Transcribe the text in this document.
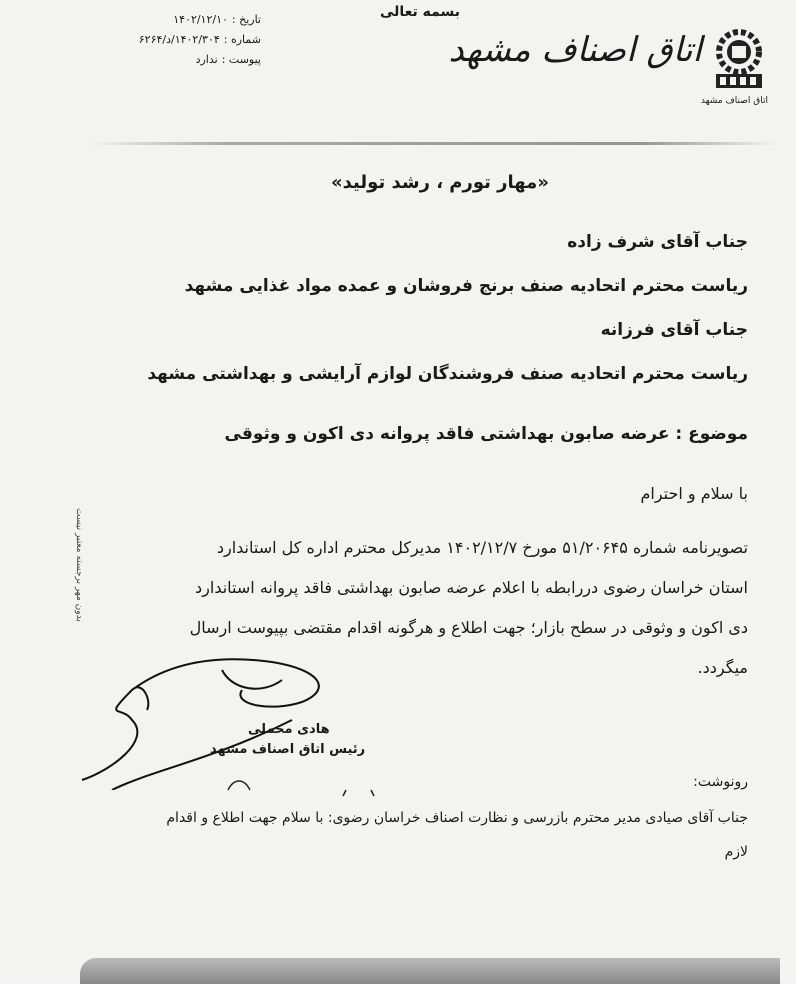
بسمه تعالی
تاریخ :
۱۴۰۲/۱۲/۱۰
شماره :
۱۴۰۲/۳۰۴/د/۶۲۶۴
پیوست :
ندارد	اتاق اصناف مشهد
اتاق اصناف مشهد
«مهار تورم ، رشد تولید»
جناب آقای شرف زاده
ریاست محترم اتحادیه صنف برنج فروشان و عمده مواد غذایی مشهد
جناب آقای فرزانه
ریاست محترم اتحادیه صنف فروشندگان لوازم آرایشی و بهداشتی مشهد
موضوع : عرضه صابون بهداشتی فاقد پروانه دی اکون و وثوقی
با سلام و احترام
تصویرنامه شماره ۵۱/۲۰۶۴۵ مورخ ۱۴۰۲/۱۲/۷ مدیرکل محترم اداره کل استاندارد
استان خراسان رضوی دررابطه با اعلام عرضه صابون بهداشتی فاقد پروانه استاندارد
دی اکون و وثوقی در سطح بازار؛ جهت اطلاع و هرگونه اقدام مقتضی بپیوست ارسال
میگردد.
بدون مهر برجسته معتبر نیست
هادی مخملی
رئیس اتاق اصناف مشهد
رونوشت:
جناب آقای صیادی مدیر محترم بازرسی و نظارت اصناف خراسان رضوی: با سلام جهت اطلاع و اقدام
لازم
